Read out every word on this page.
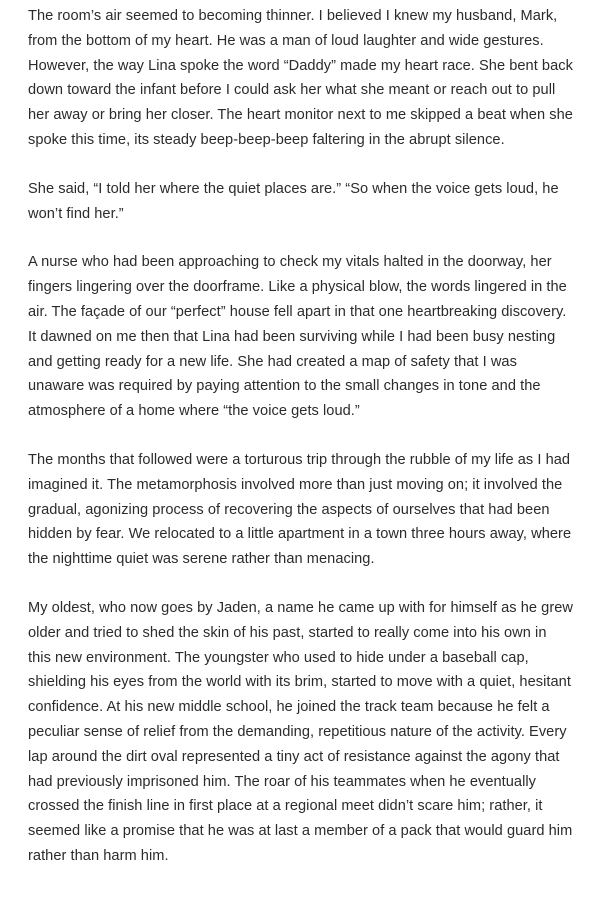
The room’s air seemed to becoming thinner. I believed I knew my husband, Mark, from the bottom of my heart. He was a man of loud laughter and wide gestures. However, the way Lina spoke the word “Daddy” made my heart race. She bent back down toward the infant before I could ask her what she meant or reach out to pull her away or bring her closer. The heart monitor next to me skipped a beat when she spoke this time, its steady beep-beep-beep faltering in the abrupt silence.

She said, “I told her where the quiet places are.” “So when the voice gets loud, he won’t find her.”

A nurse who had been approaching to check my vitals halted in the doorway, her fingers lingering over the doorframe. Like a physical blow, the words lingered in the air. The façade of our “perfect” house fell apart in that one heartbreaking discovery. It dawned on me then that Lina had been surviving while I had been busy nesting and getting ready for a new life. She had created a map of safety that I was unaware was required by paying attention to the small changes in tone and the atmosphere of a home where “the voice gets loud.”

The months that followed were a torturous trip through the rubble of my life as I had imagined it. The metamorphosis involved more than just moving on; it involved the gradual, agonizing process of recovering the aspects of ourselves that had been hidden by fear. We relocated to a little apartment in a town three hours away, where the nighttime quiet was serene rather than menacing.

My oldest, who now goes by Jaden, a name he came up with for himself as he grew older and tried to shed the skin of his past, started to really come into his own in this new environment. The youngster who used to hide under a baseball cap, shielding his eyes from the world with its brim, started to move with a quiet, hesitant confidence. At his new middle school, he joined the track team because he felt a peculiar sense of relief from the demanding, repetitious nature of the activity. Every lap around the dirt oval represented a tiny act of resistance against the agony that had previously imprisoned him. The roar of his teammates when he eventually crossed the finish line in first place at a regional meet didn’t scare him; rather, it seemed like a promise that he was at last a member of a pack that would guard him rather than harm him.
